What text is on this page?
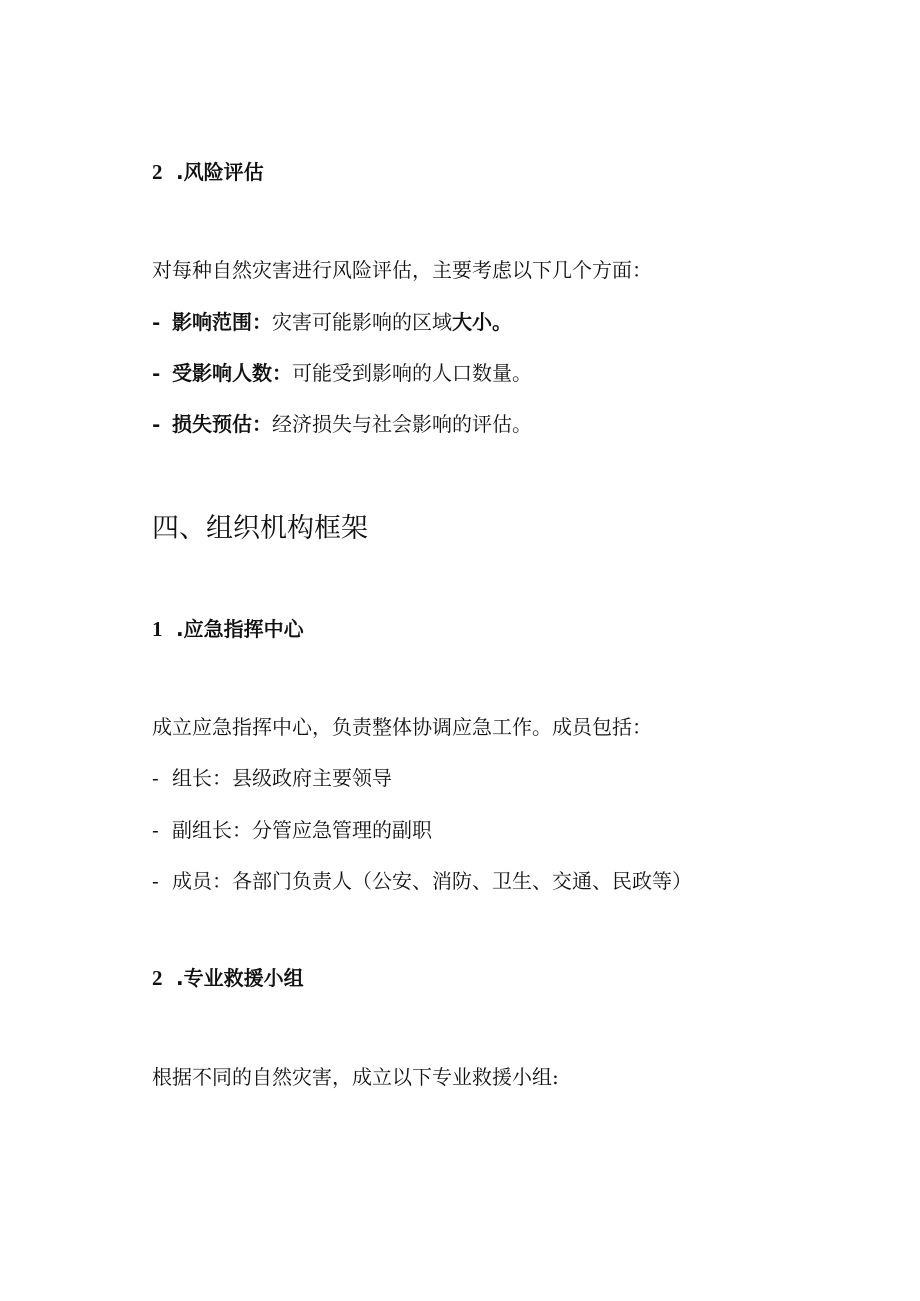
2 .风险评估
对每种自然灾害进行风险评估，主要考虑以下几个方面：
- 影响范围：灾害可能影响的区域大小。
- 受影响人数：可能受到影响的人口数量。
- 损失预估：经济损失与社会影响的评估。
四、组织机构框架
1 .应急指挥中心
成立应急指挥中心，负责整体协调应急工作。成员包括：
- 组长：县级政府主要领导
- 副组长：分管应急管理的副职
- 成员：各部门负责人（公安、消防、卫生、交通、民政等）
2 .专业救援小组
根据不同的自然灾害，成立以下专业救援小组:
